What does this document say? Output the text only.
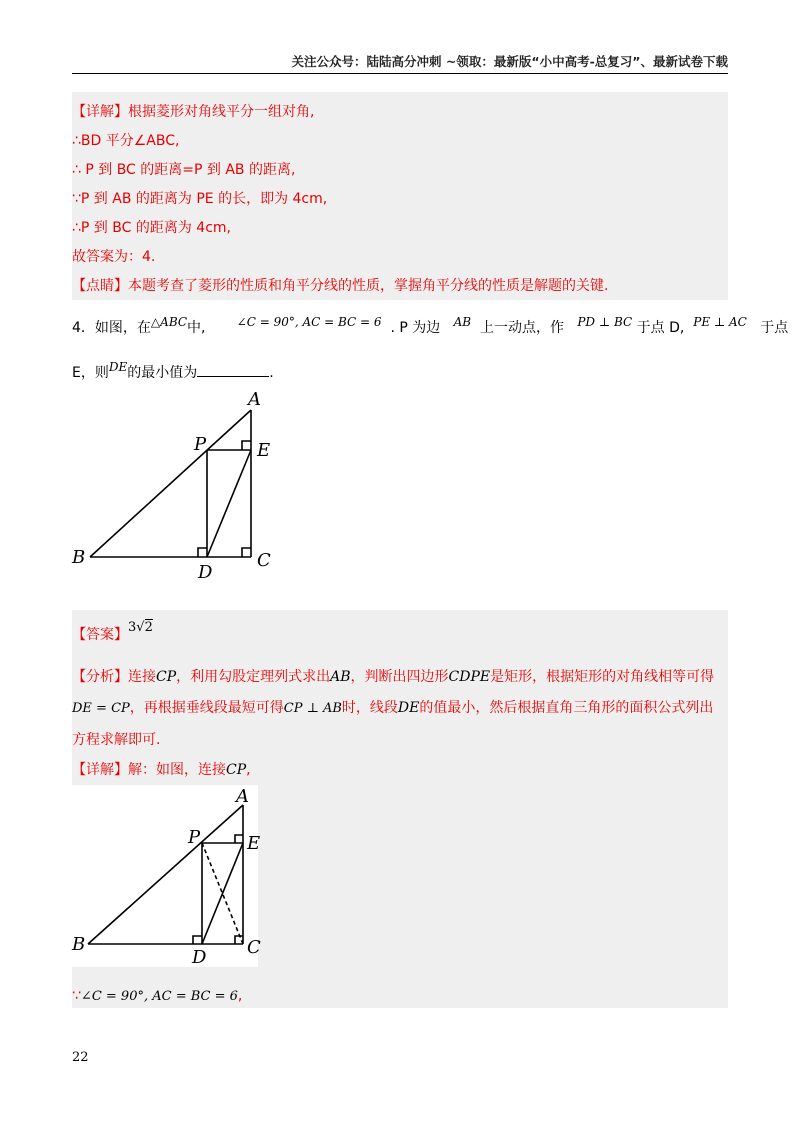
关注公众号：陆陆高分冲刺 ~领取：最新版“小中高考-总复习”、最新试卷下载
【详解】根据菱形对角线平分一组对角,
∴BD 平分∠ABC,
∴ P 到 BC 的距离=P 到 AB 的距离,
∵P 到 AB 的距离为 PE 的长，即为 4cm,
∴P 到 BC 的距离为 4cm,
故答案为：4.
【点睛】本题考查了菱形的性质和角平分线的性质，掌握角平分线的性质是解题的关键.
4．如图，在△ABC中,	∠C = 90°, AC = BC = 6 . P 为边 AB 上一动点，作 PD ⊥ BC 于点 D, PE ⊥ AC 于点
E，则DE的最小值为	.
A
P	E
B
D
C
【答案】3√2
【分析】连接CP，利用勾股定理列式求出AB，判断出四边形CDPE是矩形，根据矩形的对角线相等可得
DE = CP，再根据垂线段最短可得CP ⊥ AB时，线段DE的值最小，然后根据直角三角形的面积公式列出
方程求解即可.
【详解】解：如图，连接CP,
A
P	E
B
D C
∵∠C = 90°, AC = BC = 6,
22
